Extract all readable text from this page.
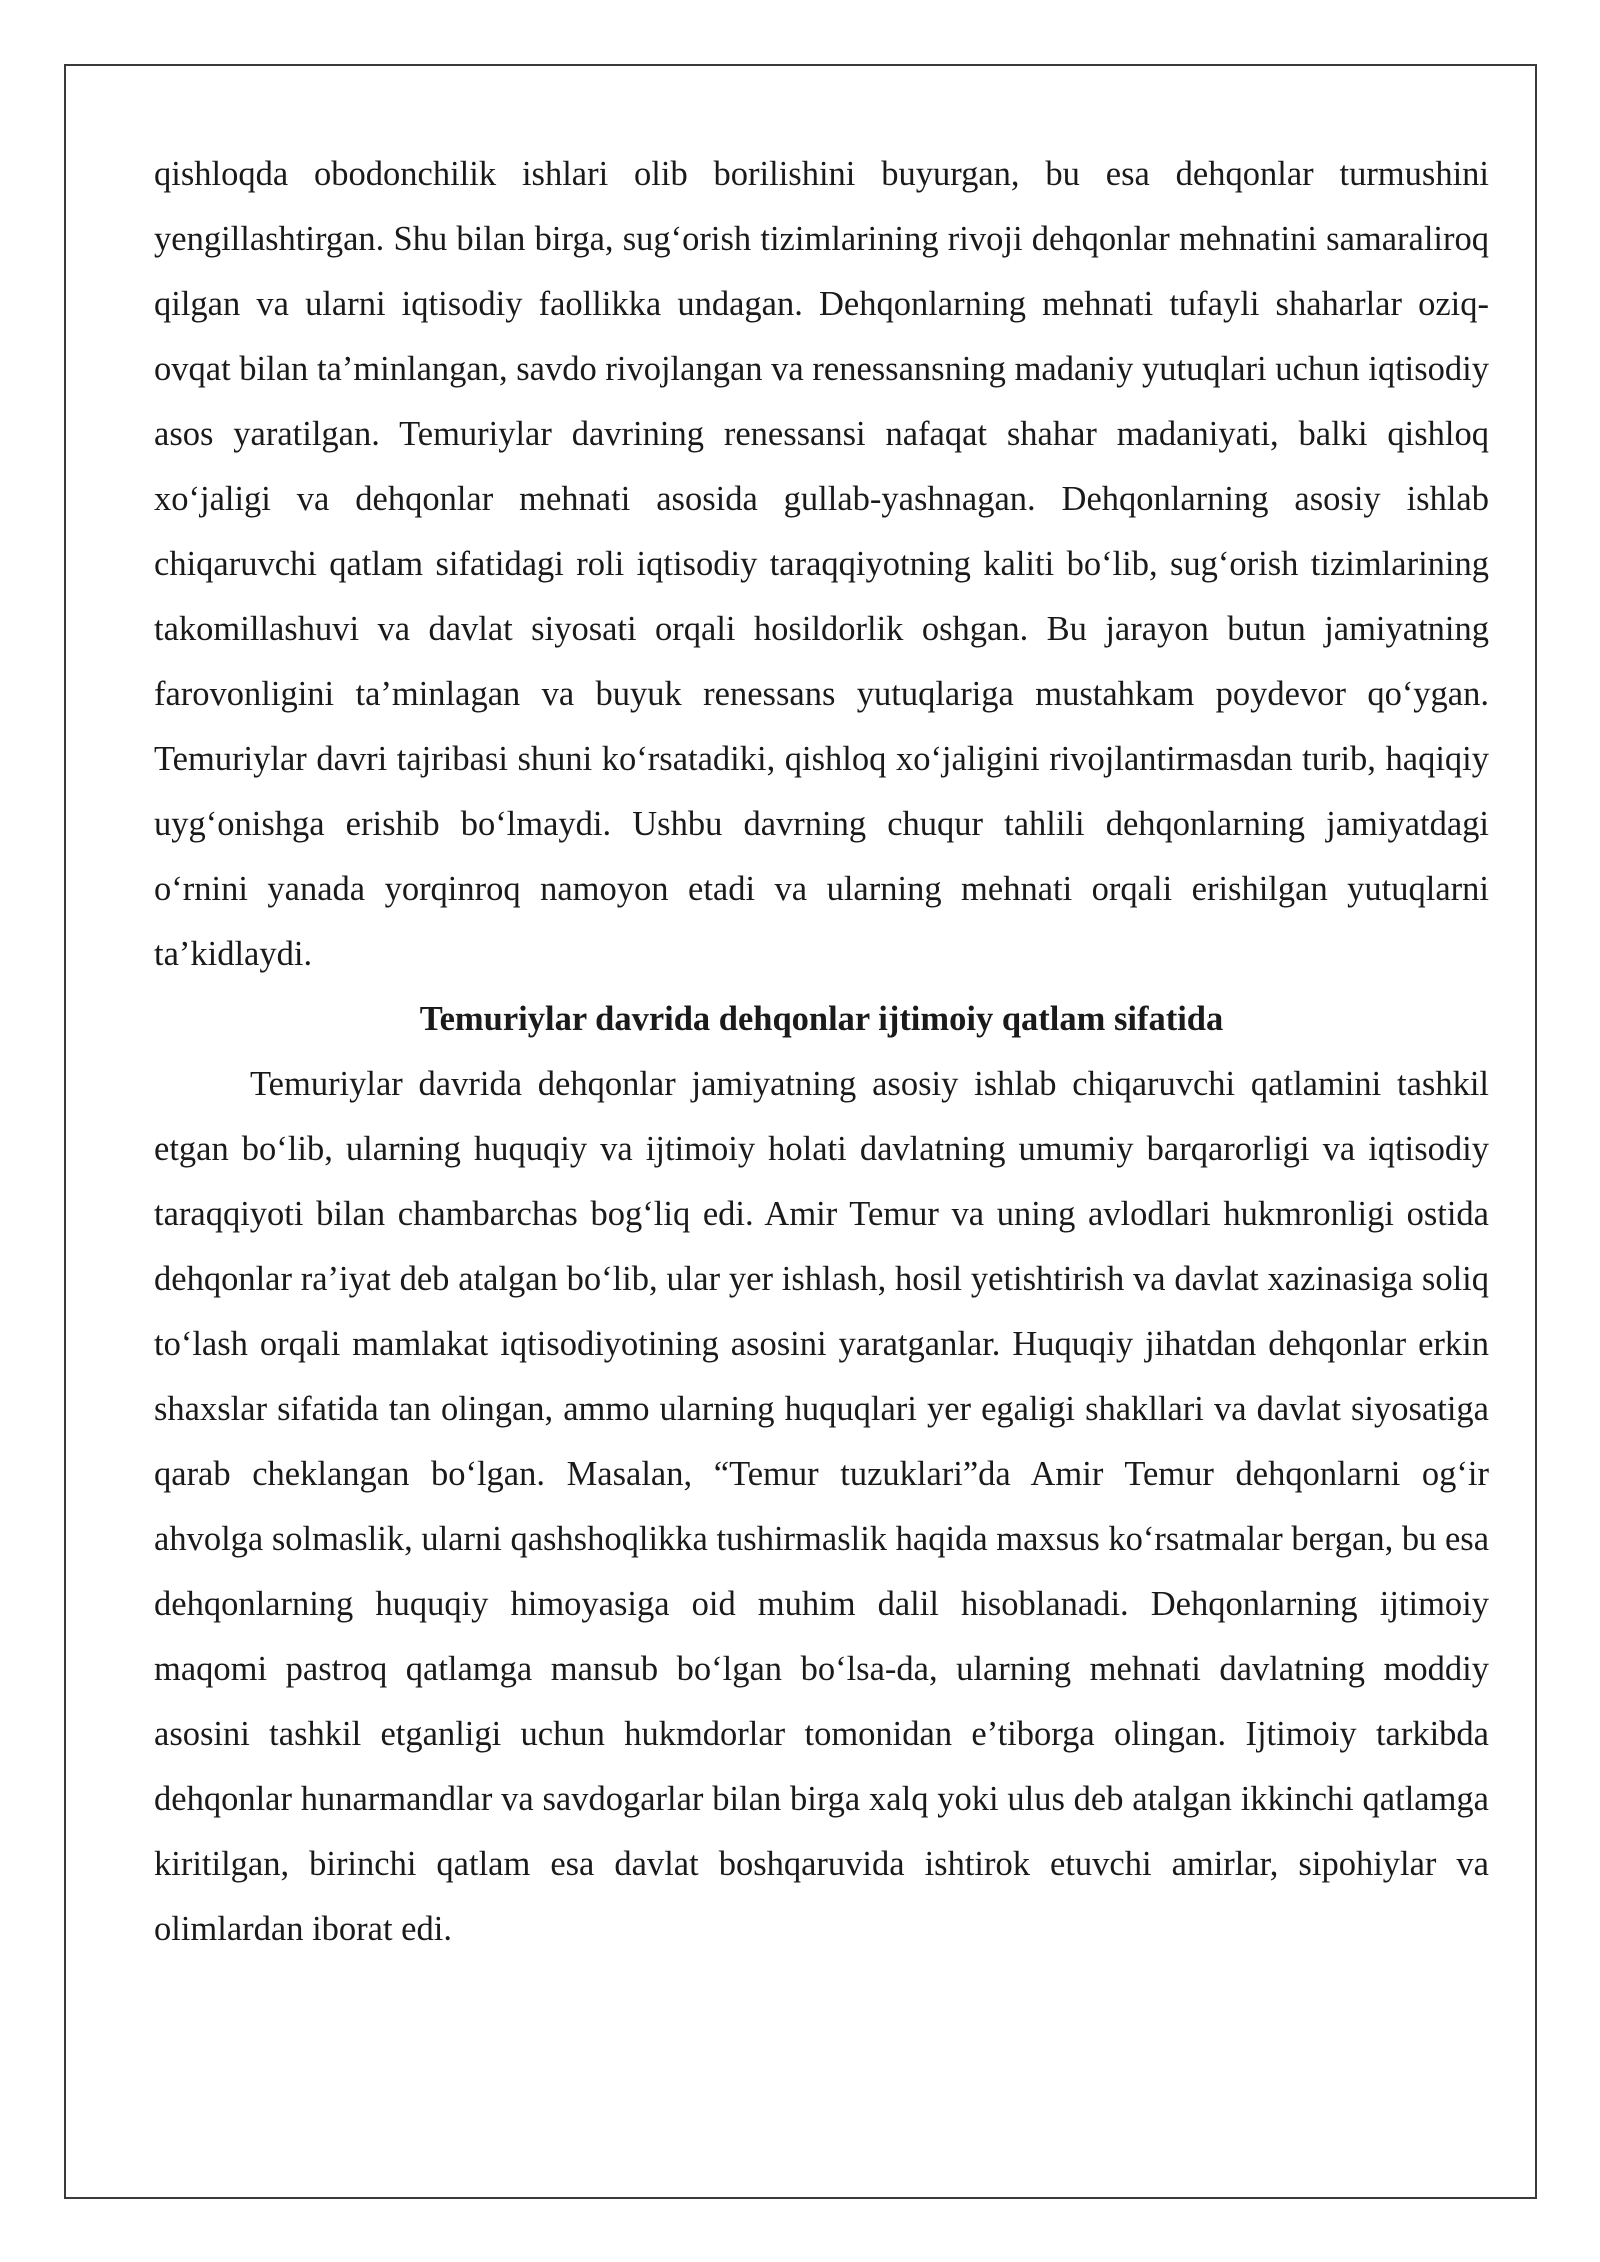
qishloqda obodonchilik ishlari olib borilishini buyurgan, bu esa dehqonlar turmushini yengillashtirgan. Shu bilan birga, sug‘orish tizimlarining rivoji dehqonlar mehnatini samaraliroq qilgan va ularni iqtisodiy faollikka undagan. Dehqonlarning mehnati tufayli shaharlar oziq-ovqat bilan ta’minlangan, savdo rivojlangan va renessansning madaniy yutuqlari uchun iqtisodiy asos yaratilgan. Temuriylar davrining renessansi nafaqat shahar madaniyati, balki qishloq xo‘jaligi va dehqonlar mehnati asosida gullab-yashnagan. Dehqonlarning asosiy ishlab chiqaruvchi qatlam sifatidagi roli iqtisodiy taraqqiyotning kaliti bo‘lib, sug‘orish tizimlarining takomillashuvi va davlat siyosati orqali hosildorlik oshgan. Bu jarayon butun jamiyatning farovonligini ta’minlagan va buyuk renessans yutuqlariga mustahkam poydevor qo‘ygan. Temuriylar davri tajribasi shuni ko‘rsatadiki, qishloq xo‘jaligini rivojlantirmasdan turib, haqiqiy uyg‘onishga erishib bo‘lmaydi. Ushbu davrning chuqur tahlili dehqonlarning jamiyatdagi o‘rnini yanada yorqinroq namoyon etadi va ularning mehnati orqali erishilgan yutuqlarni ta’kidlaydi.

Temuriylar davrida dehqonlar ijtimoiy qatlam sifatida

Temuriylar davrida dehqonlar jamiyatning asosiy ishlab chiqaruvchi qatlamini tashkil etgan bo‘lib, ularning huquqiy va ijtimoiy holati davlatning umumiy barqarorligi va iqtisodiy taraqqiyoti bilan chambarchas bog‘liq edi. Amir Temur va uning avlodlari hukmronligi ostida dehqonlar ra’iyat deb atalgan bo‘lib, ular yer ishlash, hosil yetishtirish va davlat xazinasiga soliq to‘lash orqali mamlakat iqtisodiyotining asosini yaratganlar. Huquqiy jihatdan dehqonlar erkin shaxslar sifatida tan olingan, ammo ularning huquqlari yer egaligi shakllari va davlat siyosatiga qarab cheklangan bo‘lgan. Masalan, “Temur tuzuklari”da Amir Temur dehqonlarni og‘ir ahvolga solmaslik, ularni qashshoqlikka tushirmaslik haqida maxsus ko‘rsatmalar bergan, bu esa dehqonlarning huquqiy himoyasiga oid muhim dalil hisoblanadi. Dehqonlarning ijtimoiy maqomi pastroq qatlamga mansub bo‘lgan bo‘lsa-da, ularning mehnati davlatning moddiy asosini tashkil etganligi uchun hukmdorlar tomonidan e’tiborga olingan. Ijtimoiy tarkibda dehqonlar hunarmandlar va savdogarlar bilan birga xalq yoki ulus deb atalgan ikkinchi qatlamga kiritilgan, birinchi qatlam esa davlat boshqaruvida ishtirok etuvchi amirlar, sipohiylar va olimlardan iborat edi.
